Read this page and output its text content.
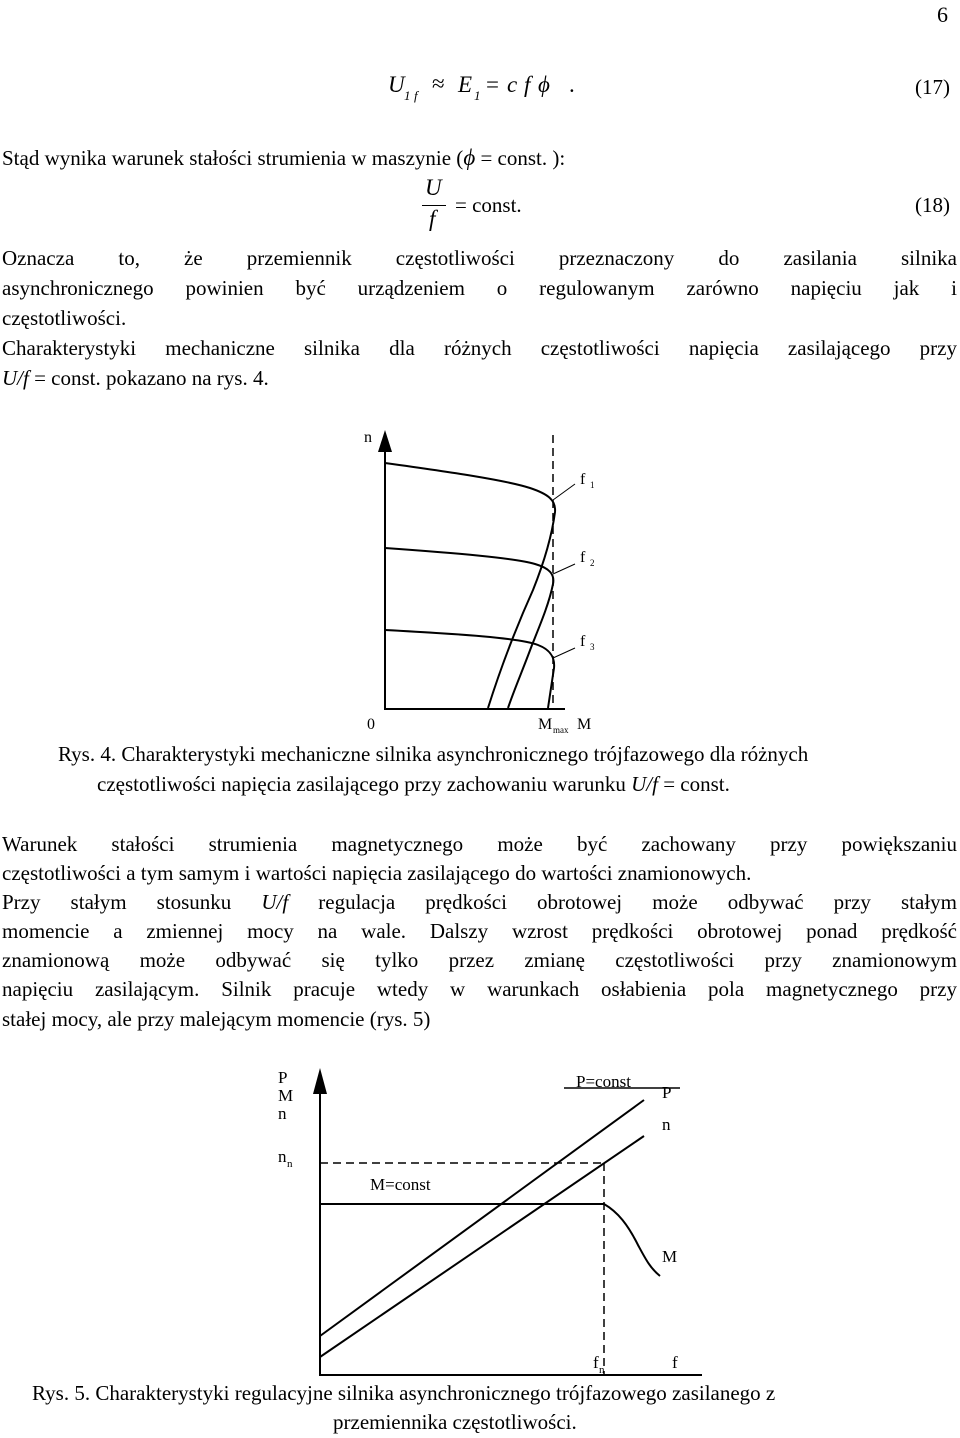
6
U 1 f ≈ E 1 = c f ϕ .	(17)
Stąd wynika warunek stałości strumienia w maszynie (ϕ = const. ):
U
f
= const.	(18)
Oznacza to, że przemiennik częstotliwości przeznaczony do zasilania silnika
asynchronicznego powinien być urządzeniem o regulowanym zarówno napięciu jak i
częstotliwości.
Charakterystyki mechaniczne silnika dla różnych częstotliwości napięcia zasilającego przy
U/f = const. pokazano na rys. 4.
n
f 1
f 2
f 3
0	M max M
Rys. 4. Charakterystyki mechaniczne silnika asynchronicznego trójfazowego dla różnych
częstotliwości napięcia zasilającego przy zachowaniu warunku U/f = const.
Warunek stałości strumienia magnetycznego może być zachowany przy powiększaniu
częstotliwości a tym samym i wartości napięcia zasilającego do wartości znamionowych.
Przy stałym stosunku U/f regulacja prędkości obrotowej może odbywać przy stałym
momencie a zmiennej mocy na wale. Dalszy wzrost prędkości obrotowej ponad prędkość
znamionową może odbywać się tylko przez zmianę częstotliwości przy znamionowym
napięciu zasilającym. Silnik pracuje wtedy w warunkach osłabienia pola magnetycznego przy
stałej mocy, ale przy malejącym momencie (rys. 5)
P
M
n
n n
M=const
P=const
P
n
M
f n	f
Rys. 5. Charakterystyki regulacyjne silnika asynchronicznego trójfazowego zasilanego z
przemiennika częstotliwości.
